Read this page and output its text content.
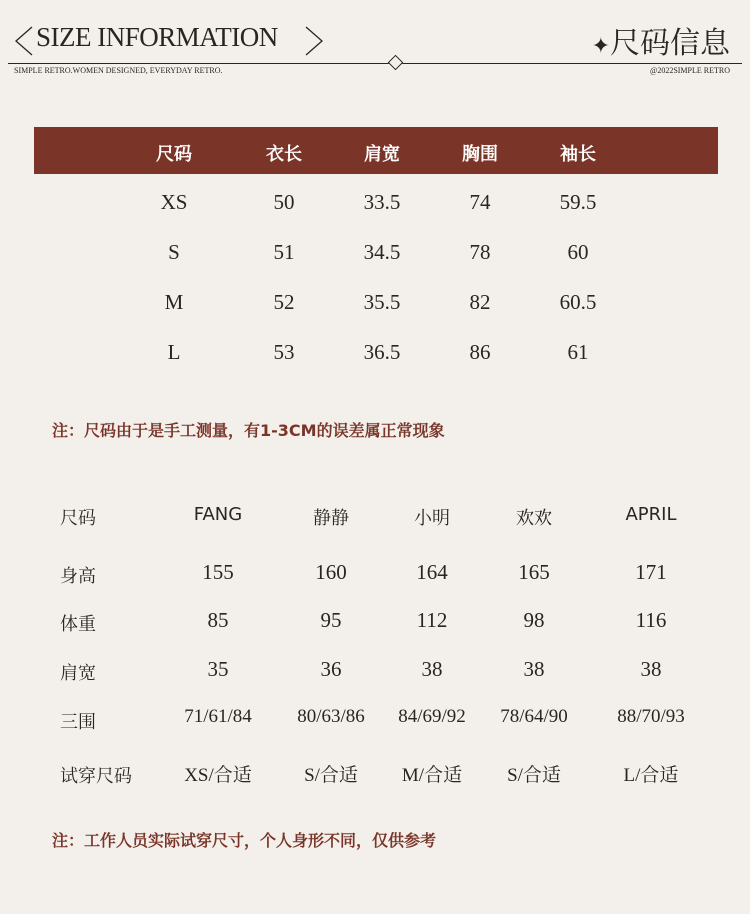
SIZE INFORMATION	✦尺码信息
SIMPLE RETRO.WOMEN DESIGNED, EVERYDAY RETRO.	@2022SIMPLE RETRO
尺码	衣长	肩宽	胸围	袖长
XS	50	33.5	74	59.5
S	51	34.5	78	60
M	52	35.5	82	60.5
L	53	36.5	86	61
注：尺码由于是手工测量，有1-3CM的误差属正常现象
尺码	FANG	静静	小明	欢欢	APRIL
身高	155	160	164	165	171
体重	85	95	112	98	116
肩宽	35	36	38	38	38
三围	71/61/84	80/63/86	84/69/92	78/64/90	88/70/93
试穿尺码	XS/合适	S/合适	M/合适	S/合适	L/合适
注：工作人员实际试穿尺寸，个人身形不同，仅供参考
